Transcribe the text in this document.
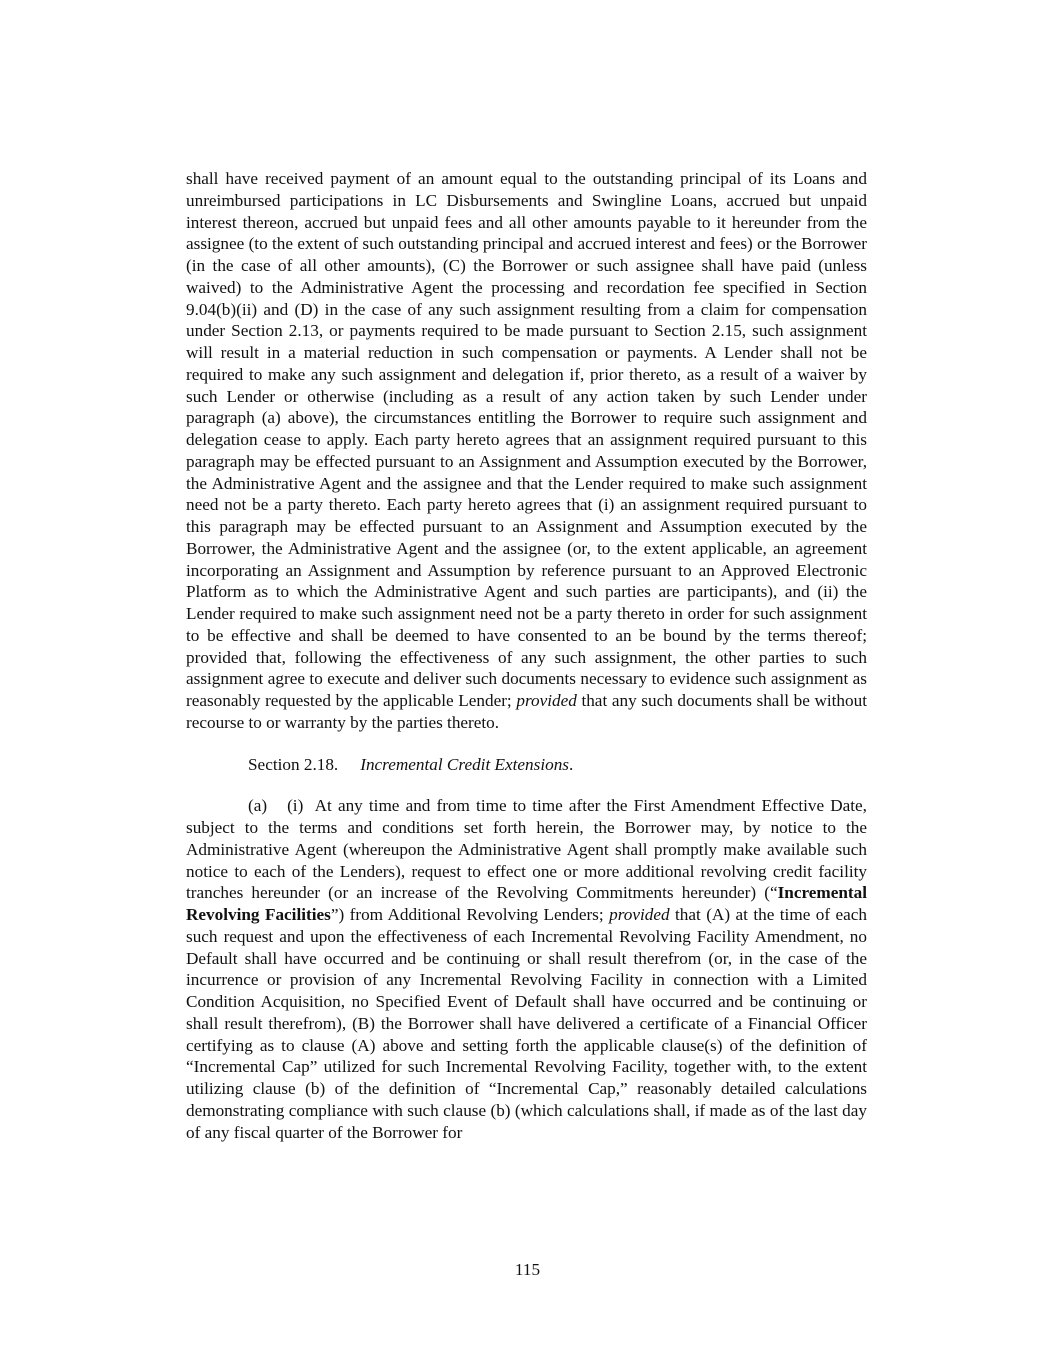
shall have received payment of an amount equal to the outstanding principal of its Loans and unreimbursed participations in LC Disbursements and Swingline Loans, accrued but unpaid interest thereon, accrued but unpaid fees and all other amounts payable to it hereunder from the assignee (to the extent of such outstanding principal and accrued interest and fees) or the Borrower (in the case of all other amounts), (C) the Borrower or such assignee shall have paid (unless waived) to the Administrative Agent the processing and recordation fee specified in Section 9.04(b)(ii) and (D) in the case of any such assignment resulting from a claim for compensation under Section 2.13, or payments required to be made pursuant to Section 2.15, such assignment will result in a material reduction in such compensation or payments. A Lender shall not be required to make any such assignment and delegation if, prior thereto, as a result of a waiver by such Lender or otherwise (including as a result of any action taken by such Lender under paragraph (a) above), the circumstances entitling the Borrower to require such assignment and delegation cease to apply. Each party hereto agrees that an assignment required pursuant to this paragraph may be effected pursuant to an Assignment and Assumption executed by the Borrower, the Administrative Agent and the assignee and that the Lender required to make such assignment need not be a party thereto. Each party hereto agrees that (i) an assignment required pursuant to this paragraph may be effected pursuant to an Assignment and Assumption executed by the Borrower, the Administrative Agent and the assignee (or, to the extent applicable, an agreement incorporating an Assignment and Assumption by reference pursuant to an Approved Electronic Platform as to which the Administrative Agent and such parties are participants), and (ii) the Lender required to make such assignment need not be a party thereto in order for such assignment to be effective and shall be deemed to have consented to an be bound by the terms thereof; provided that, following the effectiveness of any such assignment, the other parties to such assignment agree to execute and deliver such documents necessary to evidence such assignment as reasonably requested by the applicable Lender; provided that any such documents shall be without recourse to or warranty by the parties thereto.

Section 2.18. Incremental Credit Extensions.

(a) (i) At any time and from time to time after the First Amendment Effective Date, subject to the terms and conditions set forth herein, the Borrower may, by notice to the Administrative Agent (whereupon the Administrative Agent shall promptly make available such notice to each of the Lenders), request to effect one or more additional revolving credit facility tranches hereunder (or an increase of the Revolving Commitments hereunder) (“Incremental Revolving Facilities”) from Additional Revolving Lenders; provided that (A) at the time of each such request and upon the effectiveness of each Incremental Revolving Facility Amendment, no Default shall have occurred and be continuing or shall result therefrom (or, in the case of the incurrence or provision of any Incremental Revolving Facility in connection with a Limited Condition Acquisition, no Specified Event of Default shall have occurred and be continuing or shall result therefrom), (B) the Borrower shall have delivered a certificate of a Financial Officer certifying as to clause (A) above and setting forth the applicable clause(s) of the definition of “Incremental Cap” utilized for such Incremental Revolving Facility, together with, to the extent utilizing clause (b) of the definition of “Incremental Cap,” reasonably detailed calculations demonstrating compliance with such clause (b) (which calculations shall, if made as of the last day of any fiscal quarter of the Borrower for

115
